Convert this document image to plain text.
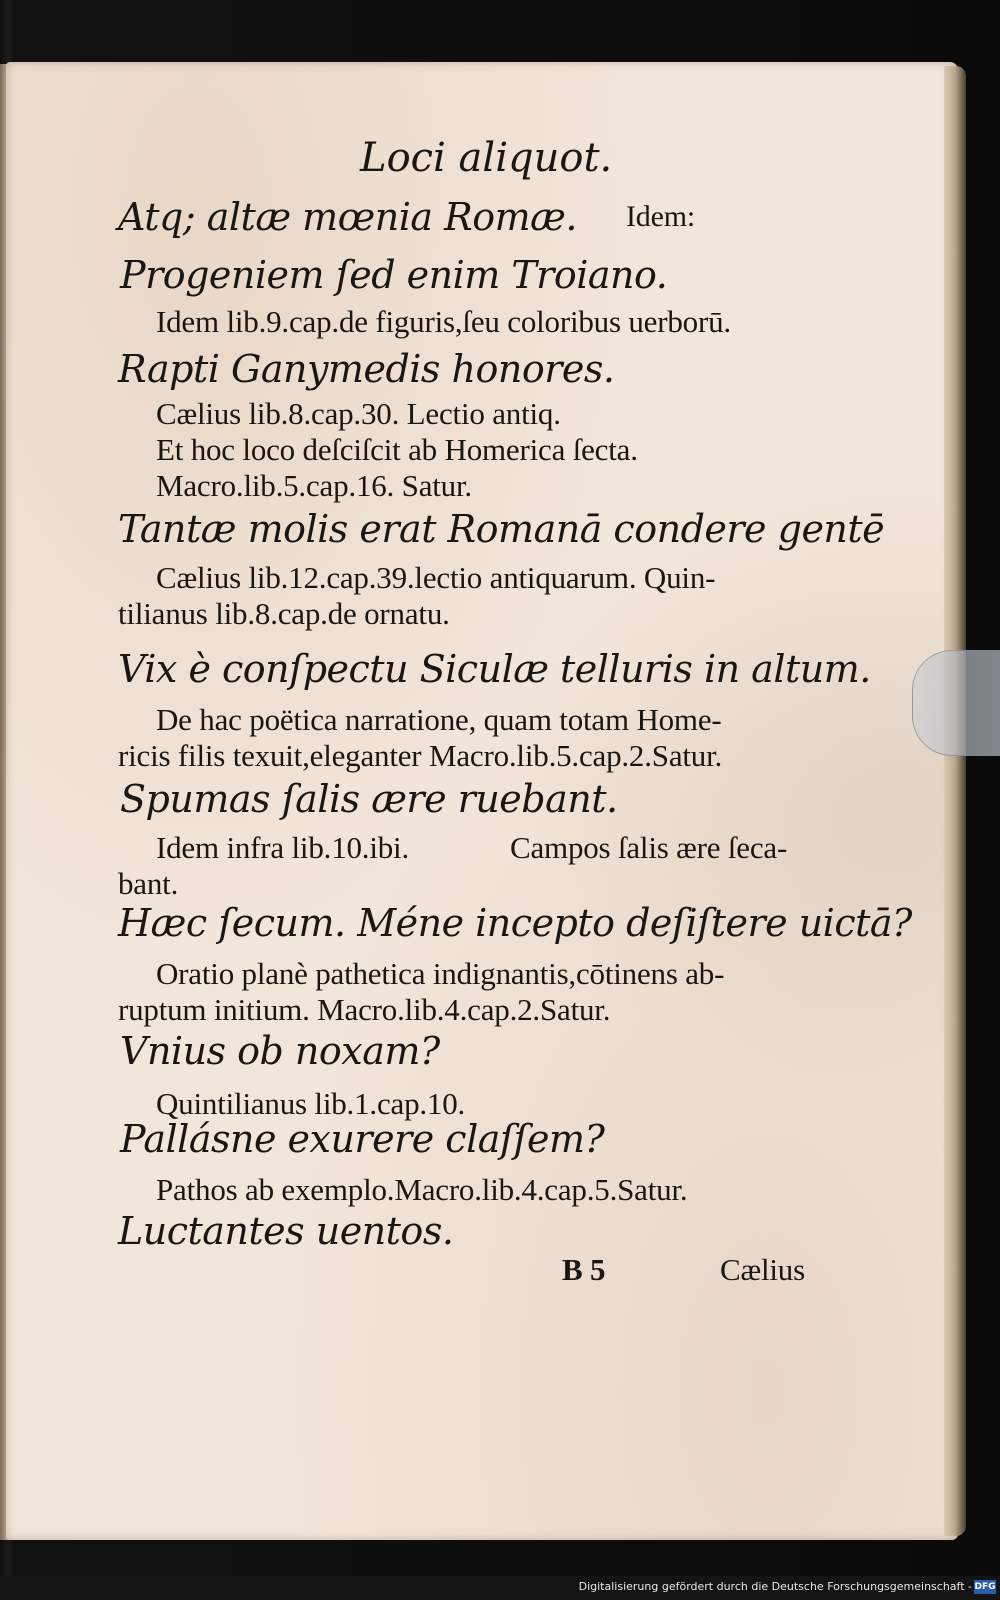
Loci aliquot.
Atq; altæ mœnia Romæ. Idem:
Progeniem ſed enim Troiano.
Idem lib.9.cap.de figuris,ſeu coloribus uerborū.
Rapti Ganymedis honores.
Cælius lib.8.cap.30. Lectio antiq.
Et hoc loco deſciſcit ab Homerica ſecta.
Macro.lib.5.cap.16. Satur.
Tantæ molis erat Romanā condere gentē
Cælius lib.12.cap.39.lectio antiquarum. Quin-
tilianus lib.8.cap.de ornatu.
Vix è conſpectu Siculæ telluris in altum.
De hac poëtica narratione, quam totam Home-
ricis filis texuit,eleganter Macro.lib.5.cap.2.Satur.
Spumas ſalis ære ruebant.
Idem infra lib.10.ibi.	Campos ſalis ære ſeca-
bant.
Hæc ſecum. Méne incepto deſiſtere uictā?
Oratio planè pathetica indignantis,cōtinens ab-
ruptum initium. Macro.lib.4.cap.2.Satur.
Vnius ob noxam?
Quintilianus lib.1.cap.10.
Pallásne exurere claſſem?
Pathos ab exemplo.Macro.lib.4.cap.5.Satur.
Luctantes uentos.
B 5	Cælius
Digitalisierung gefördert durch die Deutsche Forschungsgemeinschaft - DFG
